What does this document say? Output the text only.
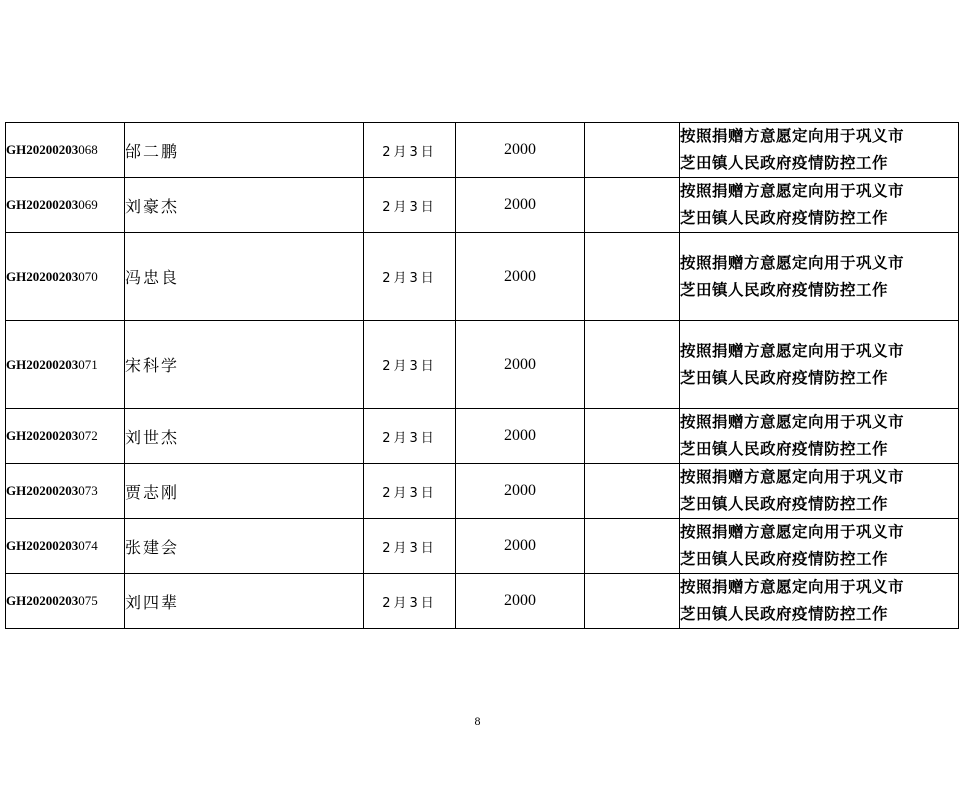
GH20200203068	邰二鹏	2月3日	2000		按照捐赠方意愿定向用于巩义市
芝田镇人民政府疫情防控工作

GH20200203069	刘豪杰	2月3日	2000		按照捐赠方意愿定向用于巩义市
芝田镇人民政府疫情防控工作

GH20200203070	冯忠良	2月3日	2000		按照捐赠方意愿定向用于巩义市
芝田镇人民政府疫情防控工作

GH20200203071	宋科学	2月3日	2000		按照捐赠方意愿定向用于巩义市
芝田镇人民政府疫情防控工作

GH20200203072	刘世杰	2月3日	2000		按照捐赠方意愿定向用于巩义市
芝田镇人民政府疫情防控工作

GH20200203073	贾志刚	2月3日	2000		按照捐赠方意愿定向用于巩义市
芝田镇人民政府疫情防控工作

GH20200203074	张建会	2月3日	2000		按照捐赠方意愿定向用于巩义市
芝田镇人民政府疫情防控工作

GH20200203075	刘四辈	2月3日	2000		按照捐赠方意愿定向用于巩义市
芝田镇人民政府疫情防控工作
8
